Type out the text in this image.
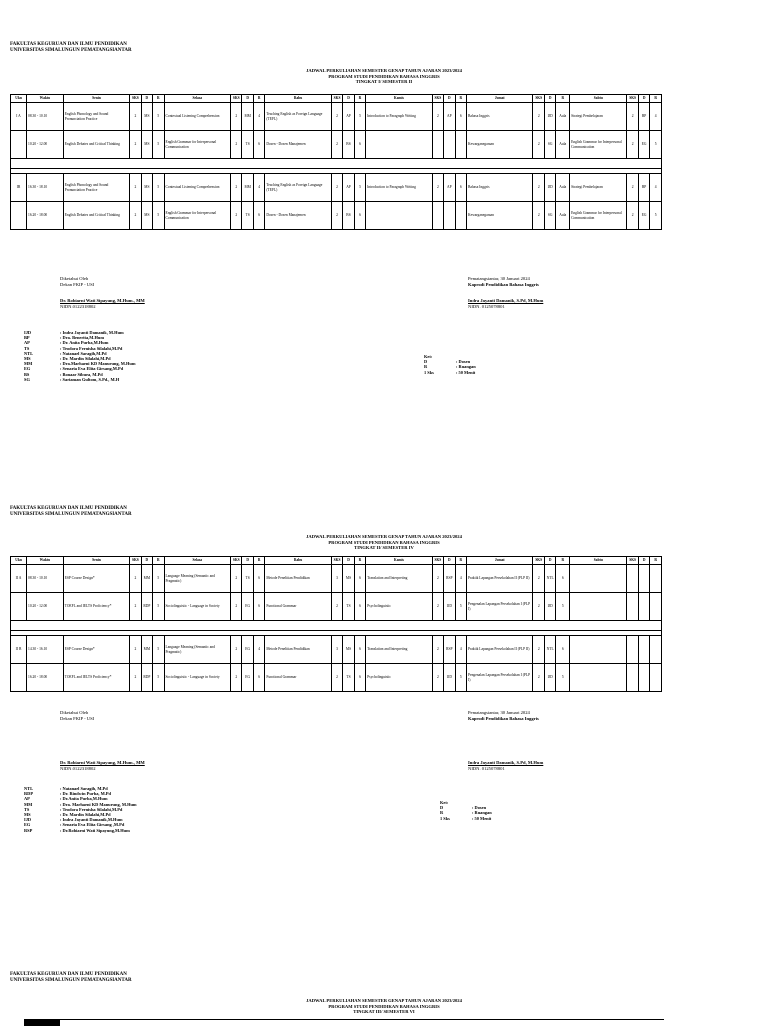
FAKULTAS KEGURUAN DAN ILMU PENDIDIKAN
UNIVERSITAS SIMALUNGUN PEMATANGSIANTAR
JADWAL PERKULIAHAN SEMESTER GENAP TAHUN AJARAN 2023/2024
PROGRAM STUDI PENDIDIKAN BAHASA INGGRIS
TINGKAT I/ SEMESTER II
Ukn	Waktu	Senin	SKS	D	R	Selasa	SKS	D	R	Rabu	SKS	D	R	Kamis	SKS	D	R	Jumat	SKS	D	R	Sabtu	SKS	D	R
I A	08.30 - 10.10	English Phonology and Sound Pronunciation Practice	2	MS	5	Contextual Listening Comprehension	2	MM	4	Teaching English as Foreign Language (TEFL)	2	AP	5	Introduction to Paragraph Writing	2	AP	6	Bahasa Inggris	2	IJD	Aula	Strategi Pembelajaran	2	BP	4
	10.20 - 12.00	English Debates and Critical Thinking	2	MS	5	English Grammar for Interpersonal Communication	2	TS	6	Dosen - Dosen Manajemen	2	BS	6					Kewarganegaraan	2	SG	Aula	English Grammar for Interpersonal Communication	2	EG	5

IB	16.30 - 18.10	English Phonology and Sound Pronunciation Practice	2	MS	5	Contextual Listening Comprehension	2	MM	4	Teaching English as Foreign Language (TEFL)	2	AP	5	Introduction to Paragraph Writing	2	AP	6	Bahasa Inggris	2	IJD	Aula	Strategi Pembelajaran	2	BP	4
	16.20 - 18.00	English Debates and Critical Thinking	2	MS	5	English Grammar for Interpersonal Communication	2	TS	6	Dosen - Dosen Manajemen	2	BS	6					Kewarganegaraan	2	SG	Aula	English Grammar for Interpersonal Communication	2	EG	5
Diketahui Oleh
Dekan FKIP - USI
Pematangsiantar, 30 Januari 2024
Kaprodi Pendidikan Bahasa Inggris
Dr. Robiarni Wati Sipayung, M.Hum., MM
NIDN.0122318802
Indra Jayanti Damanik, S.Pd, M.Hum
NIDN. 0125078801
IJD	: Indra Jayanti Damanik, M.Hum
BP	: Dra. Benerita,M.Hum
AP	: Dr. Anita Purba,M.Hum
TS	: Teodora Fernisha Silalahi,M.Pd
NTL	: Natanael Saragih,M.Pd
MS	: Dr. Mardin Silalahi,M.Pd
MM	: Dra.Marhaeni KD Manurung, M.Hum
EG	: Senaria Eva Elita Girsang,M.Pd
BS	: Bonaar Sibuea, M.Pd
SG	: Sariaman Gultom, S.Pd., M.H
Ket:
D	: Dosen
R	: Ruangan
1 Sks	: 50 Menit
FAKULTAS KEGURUAN DAN ILMU PENDIDIKAN
UNIVERSITAS SIMALUNGUN PEMATANGSIANTAR
JADWAL PERKULIAHAN SEMESTER GENAP TAHUN AJARAN 2023/2024
PROGRAM STUDI PENDIDIKAN BAHASA INGGRIS
TINGKAT II/ SEMESTER IV
Ukn	Waktu	Senin	SKS	D	R	Selasa	SKS	D	R	Rabu	SKS	D	R	Kamis	SKS	D	R	Jumat	SKS	D	R	Sabtu	SKS	D	R
II A	08.30 - 10.10	ESP Course Design*	2	MM	5	Language Meaning (Semantic and Pragmatic)	2	TS	6	Metode Penelitian Pendidikan	3	MS	6	Translation and Interpreting	2	RSP	4	Praktik Lapangan Persekolahan II (PLP II)	2	NTL	6				
	10.20 - 12.00	TOEFL and IELTS Proficiency*	2	RDP	5	Sociolinguistic - Language in Society	2	EG	6	Functional Grammar	2	TS	6	Psycholinguistic	2	IJD	5	Pengenalan Lapangan Persekolahan I (PLP I)	2	IJD	5				

II B	14.30 - 16.10	ESP Course Design*	2	MM	5	Language Meaning (Semantic and Pragmatic)	2	EG	4	Metode Penelitian Pendidikan	3	MS	6	Translation and Interpreting	2	RSP	4	Praktik Lapangan Persekolahan II (PLP II)	2	NTL	6				
	16.20 - 18.00	TOEFL and IELTS Proficiency*	2	RDP	5	Sociolinguistic - Language in Society	2	EG	6	Functional Grammar	2	TS	6	Psycholinguistic	2	IJD	5	Pengenalan Lapangan Persekolahan I (PLP I)	2	IJD	5				
Diketahui Oleh
Dekan FKIP - USI
Pematangsiantar, 30 Januari 2024
Kaprodi Pendidikan Bahasa Inggris
Dr. Robiarni Wati Sipayung, M.Hum., MM
NIDN.0122318802
Indra Jayanti Damanik, S.Pd, M.Hum
NIDN. 0125078801
NTL	: Natanael Saragih, M.Pd
RDP	: Dr. Rindwin Purba, M.Pd
AP	: Dr.Anita Purba,M.Hum
MM	: Dra. Marhaeni KD Manurung, M.Hum
TS	: Teodora Fernisha Silalahi,M.Pd
MS	: Dr. Mardin Silalahi,M.Pd
IJD	: Indra Jayanti Damanik,M.Hum
EG	: Senaria Eva Elita Girsang ,M.Pd
RSP	: Dr.Robiarni Wati Sipayung,M.Hum
Ket:
D	: Dosen
R	: Ruangan
1 Sks	: 50 Menit
FAKULTAS KEGURUAN DAN ILMU PENDIDIKAN
UNIVERSITAS SIMALUNGUN PEMATANGSIANTAR
JADWAL PERKULIAHAN SEMESTER GENAP TAHUN AJARAN 2023/2024
PROGRAM STUDI PENDIDIKAN BAHASA INGGRIS
TINGKAT III/ SEMESTER VI
